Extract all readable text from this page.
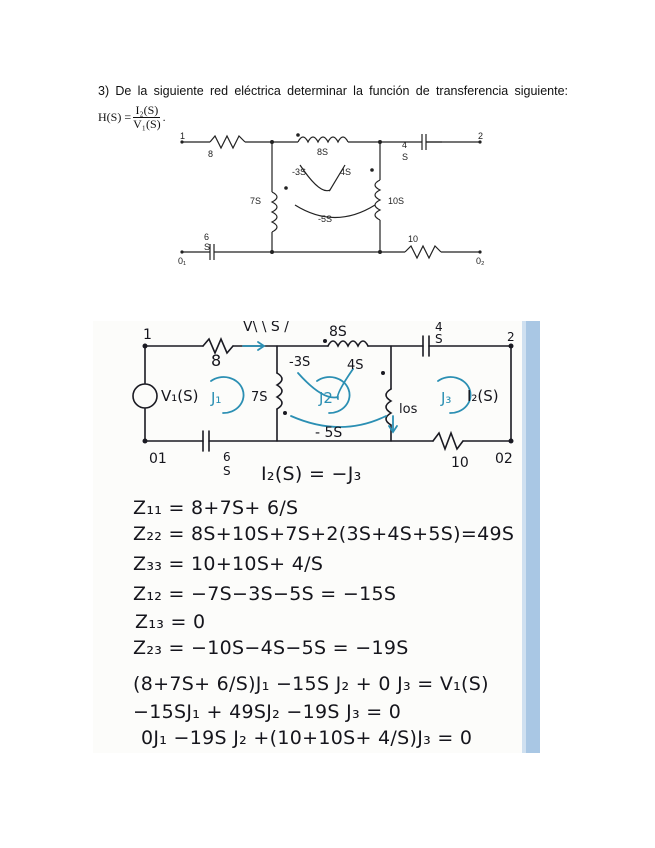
3) De la siguiente red eléctrica determinar la función de transferencia siguiente:
$H(S) = \frac{\text{I₂(S)}}{\text{V₁(S)}}$ .
1	2
0₁	0₂
8	8S
-3S	4S
-5S
7S	10S
4
S
6
S
10
V\ \ S /
1	2
01	02
8
8S
-3S	4S
- 5S
7S
los
4
S
6
S	10
V₁(S)	I₂(S)
J₁	J2	J₃
I₂(S) = −J₃
Z₁₁ = 8+7S+ 6/S
Z₂₂ = 8S+10S+7S+2(3S+4S+5S)=49S
Z₃₃ = 10+10S+ 4/S
Z₁₂ = −7S−3S−5S = −15S
Z₁₃ = 0
Z₂₃ = −10S−4S−5S = −19S
(8+7S+ 6/S)J₁ −15S J₂ + 0 J₃ = V₁(S)
−15SJ₁ + 49SJ₂ −19S J₃ = 0
0J₁ −19S J₂ +(10+10S+ 4/S)J₃ = 0
